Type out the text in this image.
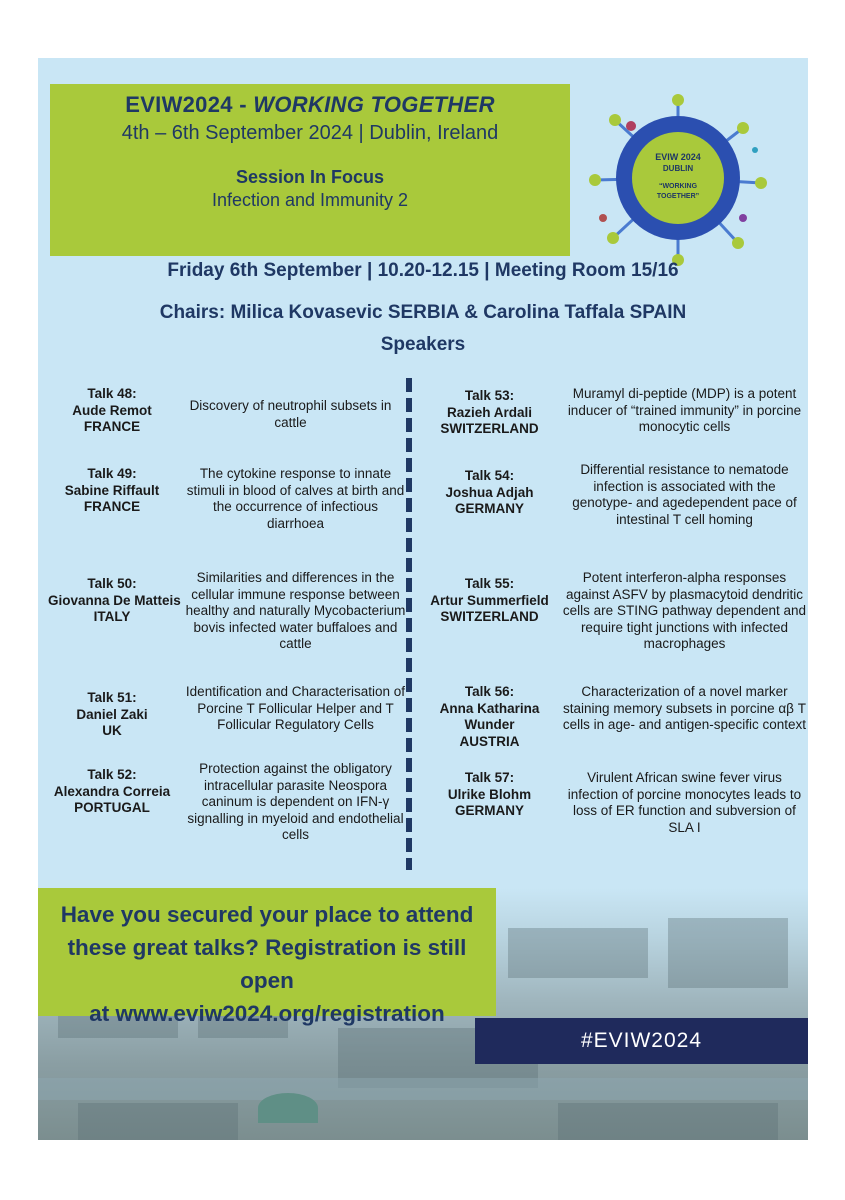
EVIW2024 - WORKING TOGETHER
4th – 6th September 2024 | Dublin, Ireland
Session In Focus
Infection and Immunity 2
EVIW 2024
DUBLIN
“WORKING
TOGETHER”
Friday 6th September | 10.20-12.15 | Meeting Room 15/16
Chairs: Milica Kovasevic SERBIA & Carolina Taffala SPAIN
Speakers
Talk 48:
Aude Remot
FRANCE
Discovery of neutrophil subsets in cattle
Talk 49:
Sabine Riffault
FRANCE
The cytokine response to innate stimuli in blood of calves at birth and the occurrence of infectious diarrhoea
Talk 50:
Giovanna De Matteis
ITALY
Similarities and differences in the cellular immune response between healthy and naturally Mycobacterium bovis infected water buffaloes and cattle
Talk 51:
Daniel Zaki
UK
Identification and Characterisation of Porcine T Follicular Helper and T Follicular Regulatory Cells
Talk 52:
Alexandra Correia
PORTUGAL
Protection against the obligatory intracellular parasite Neospora caninum is dependent on IFN-γ signalling in myeloid and endothelial cells
Talk 53:
Razieh Ardali
SWITZERLAND
Muramyl di-peptide (MDP) is a potent inducer of “trained immunity” in porcine monocytic cells
Talk 54:
Joshua Adjah
GERMANY
Differential resistance to nematode infection is associated with the genotype- and agedependent pace of intestinal T cell homing
Talk 55:
Artur Summerfield
SWITZERLAND
Potent interferon-alpha responses against ASFV by plasmacytoid dendritic cells are STING pathway dependent and require tight junctions with infected macrophages
Talk 56:
Anna Katharina
Wunder
AUSTRIA
Characterization of a novel marker staining memory subsets in porcine αβ T cells in age- and antigen-specific context
Talk 57:
Ulrike Blohm
GERMANY
Virulent African swine fever virus infection of porcine monocytes leads to loss of ER function and subversion of SLA I
Have you secured your place to attend
these great talks? Registration is still open
at www.eviw2024.org/registration
#EVIW2024
